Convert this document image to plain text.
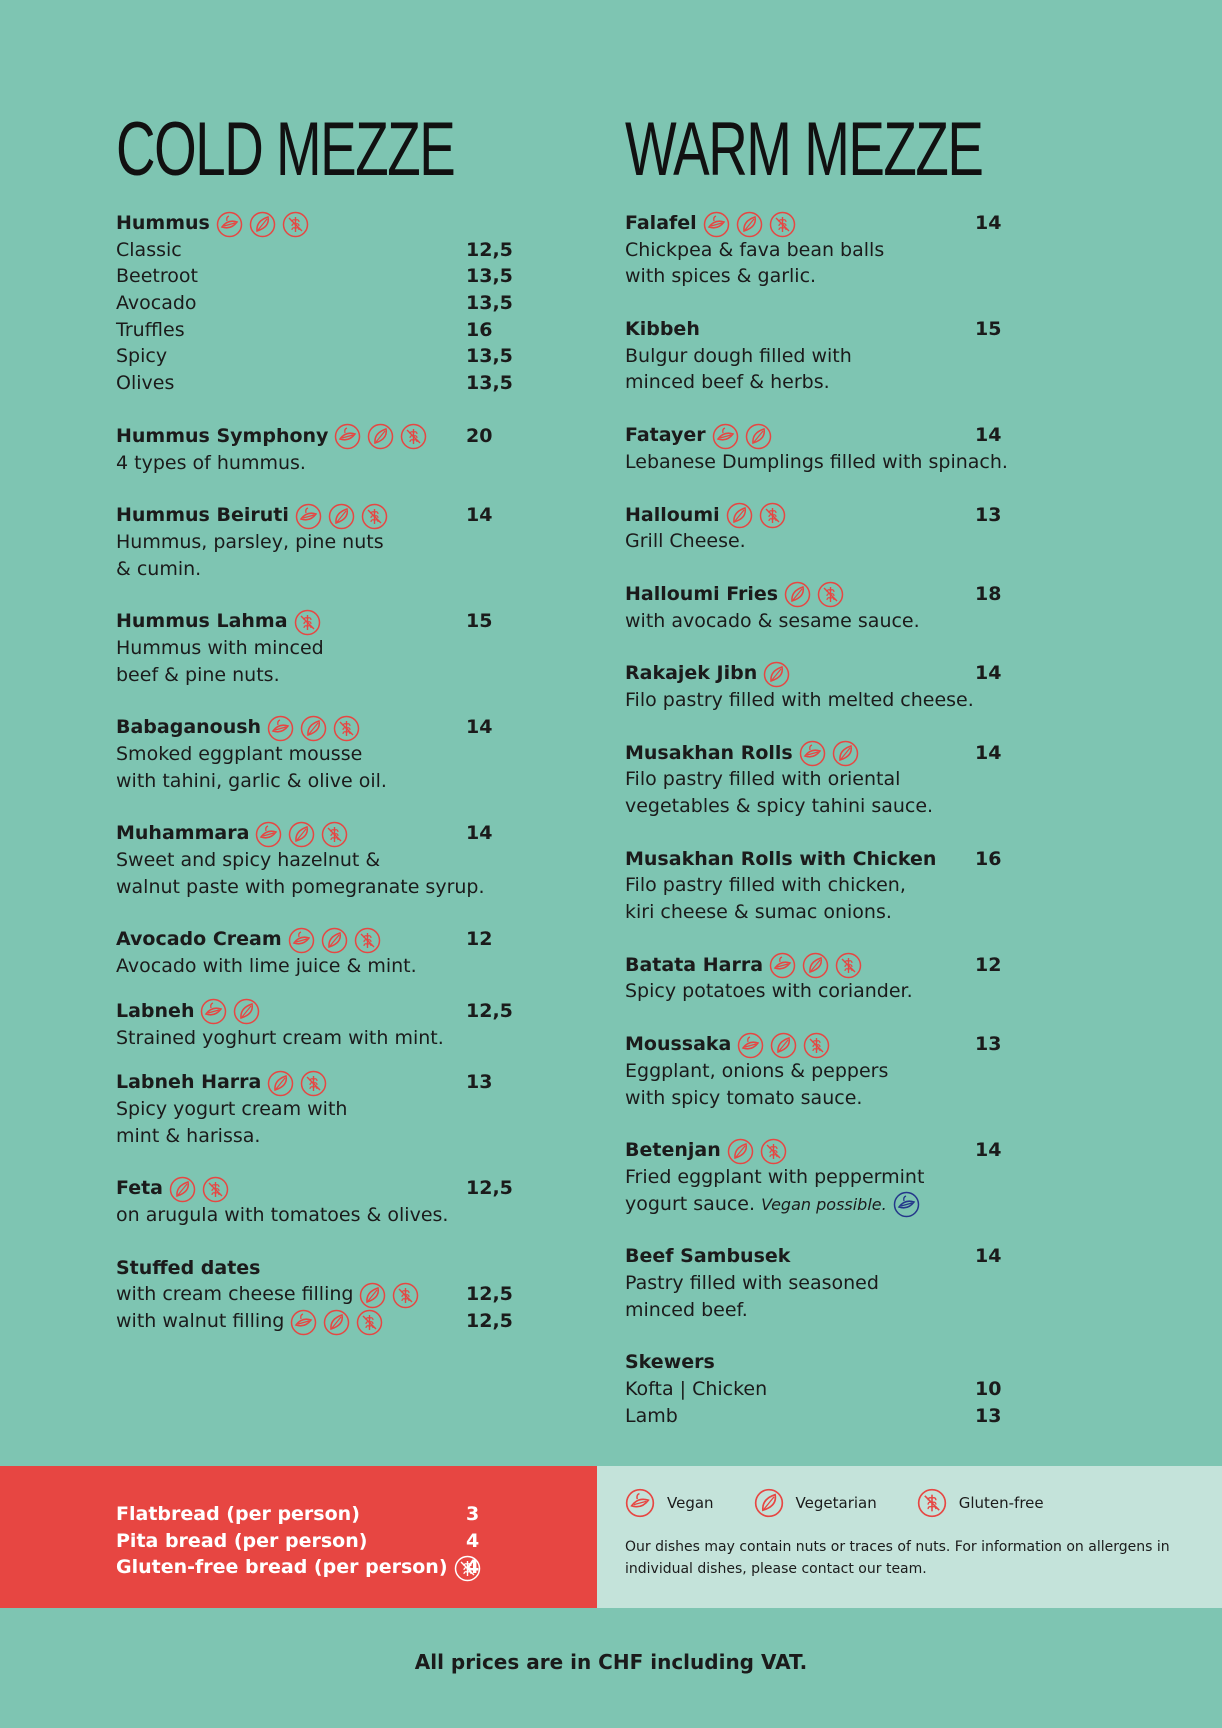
COLD MEZZE
Hummus
Classic	12,5
Beetroot	13,5
Avocado	13,5
Truffles	16
Spicy	13,5
Olives	13,5
Hummus Symphony	20
4 types of hummus.
Hummus Beiruti	14
Hummus, parsley, pine nuts
& cumin.
Hummus Lahma	15
Hummus with minced
beef & pine nuts.
Babaganoush	14
Smoked eggplant mousse
with tahini, garlic & olive oil.
Muhammara	14
Sweet and spicy hazelnut &
walnut paste with pomegranate syrup.
Avocado Cream	12
Avocado with lime juice & mint.
Labneh	12,5
Strained yoghurt cream with mint.
Labneh Harra	13
Spicy yogurt cream with
mint & harissa.
Feta	12,5
on arugula with tomatoes & olives.
Stuffed dates
with cream cheese filling	12,5
with walnut filling	12,5
WARM MEZZE
Falafel	14
Chickpea & fava bean balls
with spices & garlic.
Kibbeh	15
Bulgur dough filled with
minced beef & herbs.
Fatayer	14
Lebanese Dumplings filled with spinach.
Halloumi	13
Grill Cheese.
Halloumi Fries	18
with avocado & sesame sauce.
Rakajek Jibn	14
Filo pastry filled with melted cheese.
Musakhan Rolls	14
Filo pastry filled with oriental
vegetables & spicy tahini sauce.
Musakhan Rolls with Chicken 16
Filo pastry filled with chicken,
kiri cheese & sumac onions.
Batata Harra	12
Spicy potatoes with coriander.
Moussaka	13
Eggplant, onions & peppers
with spicy tomato sauce.
Betenjan	14
Fried eggplant with peppermint
yogurt sauce. Vegan possible.
Beef Sambusek	14
Pastry filled with seasoned
minced beef.
Skewers
Kofta | Chicken	10
Lamb	13
Flatbread (per person)	3
Pita bread (per person)	4
Gluten-free bread (per person) 4
Vegan	Vegetarian	Gluten-free
Our dishes may contain nuts or traces of nuts. For information on allergens in individual dishes, please contact our team.
All prices are in CHF including VAT.
